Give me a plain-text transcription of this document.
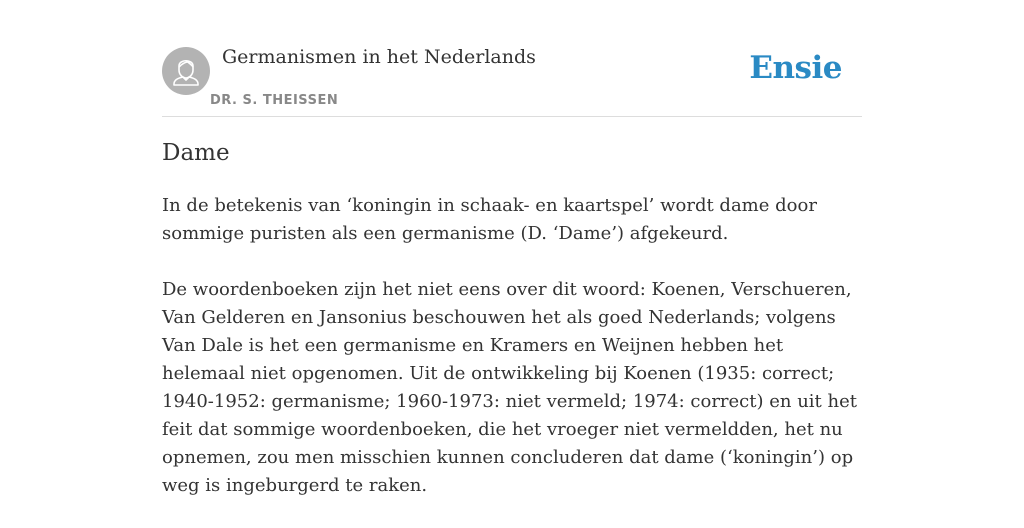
Germanismen in het Nederlands
DR. S. THEISSEN
Ensie
Dame

In de betekenis van ‘koningin in schaak- en kaartspel’ wordt dame door sommige puristen als een germanisme (D. ‘Dame’) afgekeurd.

De woordenboeken zijn het niet eens over dit woord: Koenen, Verschueren, Van Gelderen en Jansonius beschouwen het als goed Nederlands; volgens Van Dale is het een germanisme en Kramers en Weijnen hebben het helemaal niet opgenomen. Uit de ontwikkeling bij Koenen (1935: correct; 1940-1952: germanisme; 1960-1973: niet vermeld; 1974: correct) en uit het feit dat sommige woordenboeken, die het vroeger niet vermeldden, het nu opnemen, zou men misschien kunnen concluderen dat dame (‘koningin’) op weg is ingeburgerd te raken.
